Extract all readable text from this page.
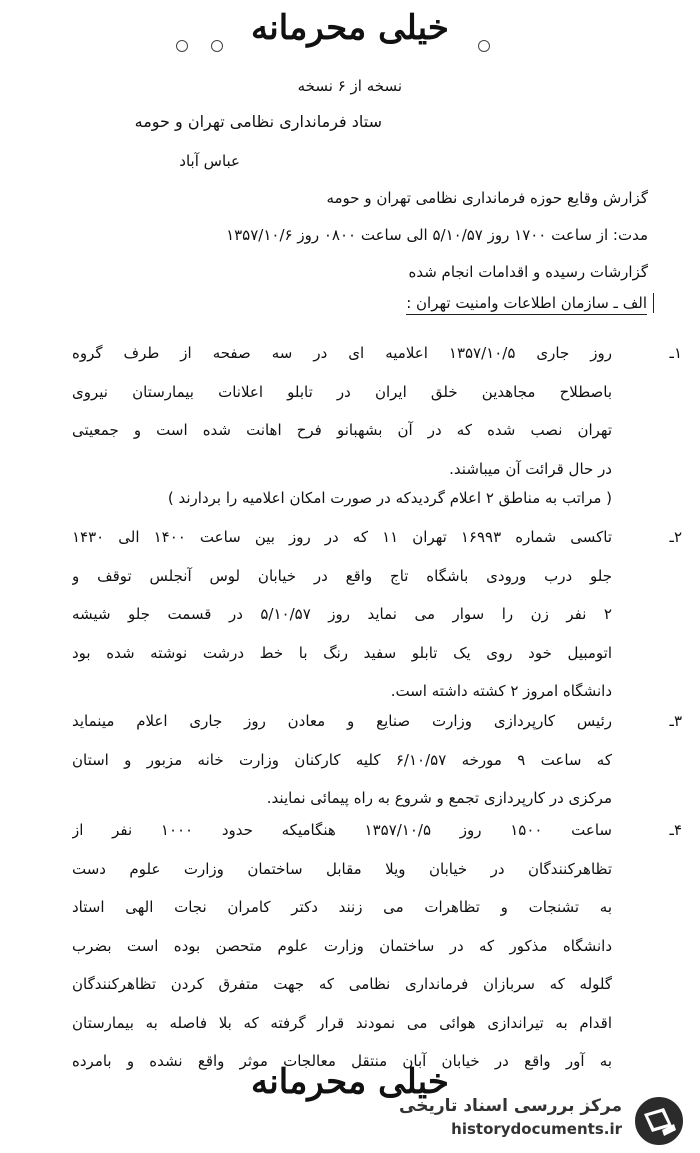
خیلی محرمانه
نسخه از ۶ نسخه
ستاد فرمانداری نظامی تهران و حومه
عباس آباد
گزارش وقایع حوزه فرمانداری نظامی تهران و حومه
مدت: از ساعت ۱۷۰۰ روز ۵/۱۰/۵۷ الی ساعت ۰۸۰۰ روز ۱۳۵۷/۱۰/۶
گزارشات رسیده و اقدامات انجام شده
الف ـ سازمان اطلاعات وامنیت تهران :
۱ـ
روز جاری ۱۳۵۷/۱۰/۵ اعلامیه ای در سه صفحه از طرف گروه
باصطلاح مجاهدین خلق ایران در تابلو اعلانات بیمارستان نیروی
تهران نصب شده که در آن بشهبانو فرح اهانت شده است و جمعیتی
در حال قرائت آن میباشند.
( مراتب به مناطق ۲ اعلام گردیدکه در صورت امکان اعلامیه را بردارند )
۲ـ
تاکسی شماره ۱۶۹۹۳ تهران ۱۱ که در روز بین ساعت ۱۴۰۰ الی ۱۴۳۰
جلو درب ورودی باشگاه تاج واقع در خیابان لوس آنجلس توقف و
۲ نفر زن را سوار می نماید روز ۵/۱۰/۵۷ در قسمت جلو شیشه
اتومبیل خود روی یک تابلو سفید رنگ با خط درشت نوشته شده بود
دانشگاه امروز ۲ کشته داشته است.
۳ـ
رئیس کارپردازی وزارت صنایع و معادن روز جاری اعلام مینماید
که ساعت ۹ مورخه ۶/۱۰/۵۷ کلیه کارکنان وزارت خانه مزبور و استان
مرکزی در کارپردازی تجمع و شروع به راه پیمائی نمایند.
۴ـ
ساعت ۱۵۰۰ روز ۱۳۵۷/۱۰/۵ هنگامیکه حدود ۱۰۰۰ نفر از
تظاهرکنندگان در خیابان ویلا مقابل ساختمان وزارت علوم دست
به تشنجات و تظاهرات می زنند دکتر کامران نجات الهی استاد
دانشگاه مذکور که در ساختمان وزارت علوم متحصن بوده است بضرب
گلوله که سربازان فرمانداری نظامی که جهت متفرق کردن تظاهرکنندگان
اقدام به تیراندازی هوائی می نمودند قرار گرفته که بلا فاصله به بیمارستان
به آور واقع در خیابان آبان منتقل معالجات موثر واقع نشده و بامرده
خیلی محرمانه
مرکز بررسی اسناد تاریخی
historydocuments.ir
